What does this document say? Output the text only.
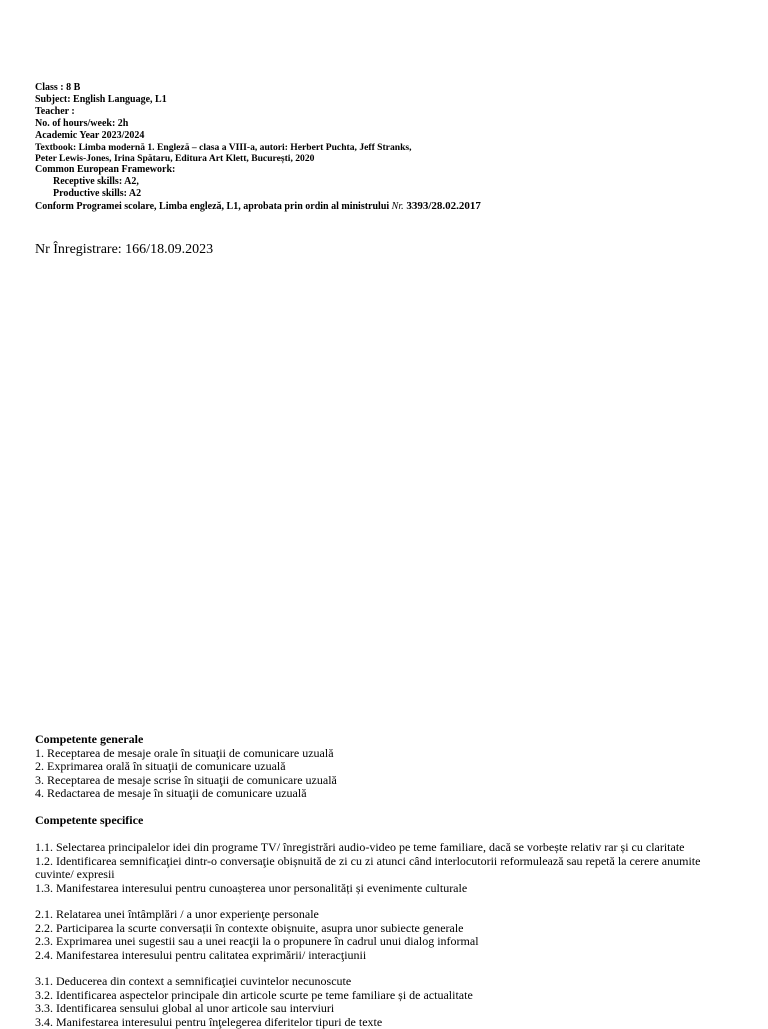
Class : 8 B
Subject: English Language, L1
Teacher :
No. of hours/week: 2h
Academic Year 2023/2024
Textbook: Limba modernă 1. Engleză – clasa a VIII-a, autori: Herbert Puchta, Jeff Stranks,
Peter Lewis-Jones, Irina Spătaru, Editura Art Klett, București, 2020
Common European Framework:
Receptive skills: A2,
Productive skills: A2
Conform Programei scolare, Limba engleză, L1, aprobata prin ordin al ministrului Nr. 3393/28.02.2017
Nr Înregistrare: 166/18.09.2023
Competente generale
1. Receptarea de mesaje orale în situaţii de comunicare uzuală
2. Exprimarea orală în situaţii de comunicare uzuală
3. Receptarea de mesaje scrise în situaţii de comunicare uzuală
4. Redactarea de mesaje în situaţii de comunicare uzuală
Competente specifice
1.1. Selectarea principalelor idei din programe TV/ înregistrări audio-video pe teme familiare, dacă se vorbește relativ rar și cu claritate
1.2. Identificarea semnificaţiei dintr-o conversaţie obișnuită de zi cu zi atunci când interlocutorii reformulează sau repetă la cerere anumite cuvinte/ expresii
1.3. Manifestarea interesului pentru cunoașterea unor personalități și evenimente culturale
2.1. Relatarea unei întâmplări / a unor experienţe personale
2.2. Participarea la scurte conversații în contexte obișnuite, asupra unor subiecte generale
2.3. Exprimarea unei sugestii sau a unei reacţii la o propunere în cadrul unui dialog informal
2.4. Manifestarea interesului pentru calitatea exprimării/ interacţiunii
3.1. Deducerea din context a semnificaţiei cuvintelor necunoscute
3.2. Identificarea aspectelor principale din articole scurte pe teme familiare și de actualitate
3.3. Identificarea sensului global al unor articole sau interviuri
3.4. Manifestarea interesului pentru înţelegerea diferitelor tipuri de texte
